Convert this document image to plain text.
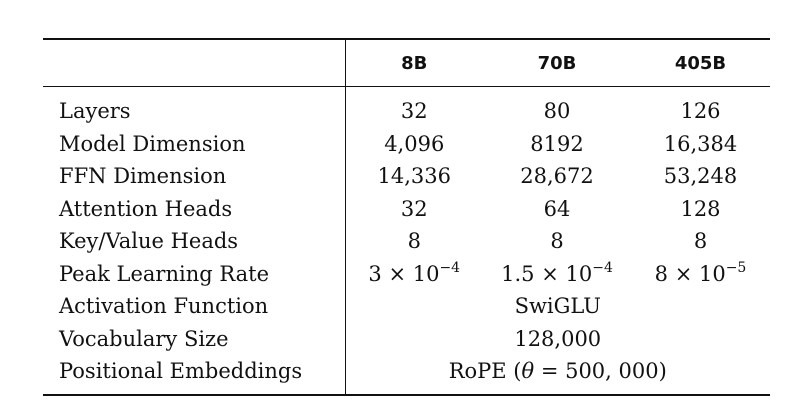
	8B	70B	405B
Layers	32	80	126
Model Dimension	4,096	8192	16,384
FFN Dimension	14,336	28,672	53,248
Attention Heads	32	64	128
Key/Value Heads	8	8	8
Peak Learning Rate	$3 \times 10^{-4}$	$1.5 \times 10^{-4}$	$8 \times 10^{-5}$
Activation Function	SwiGLU		
Vocabulary Size	128,000		
Positional Embeddings	RoPE (θ = 500, 000)		
